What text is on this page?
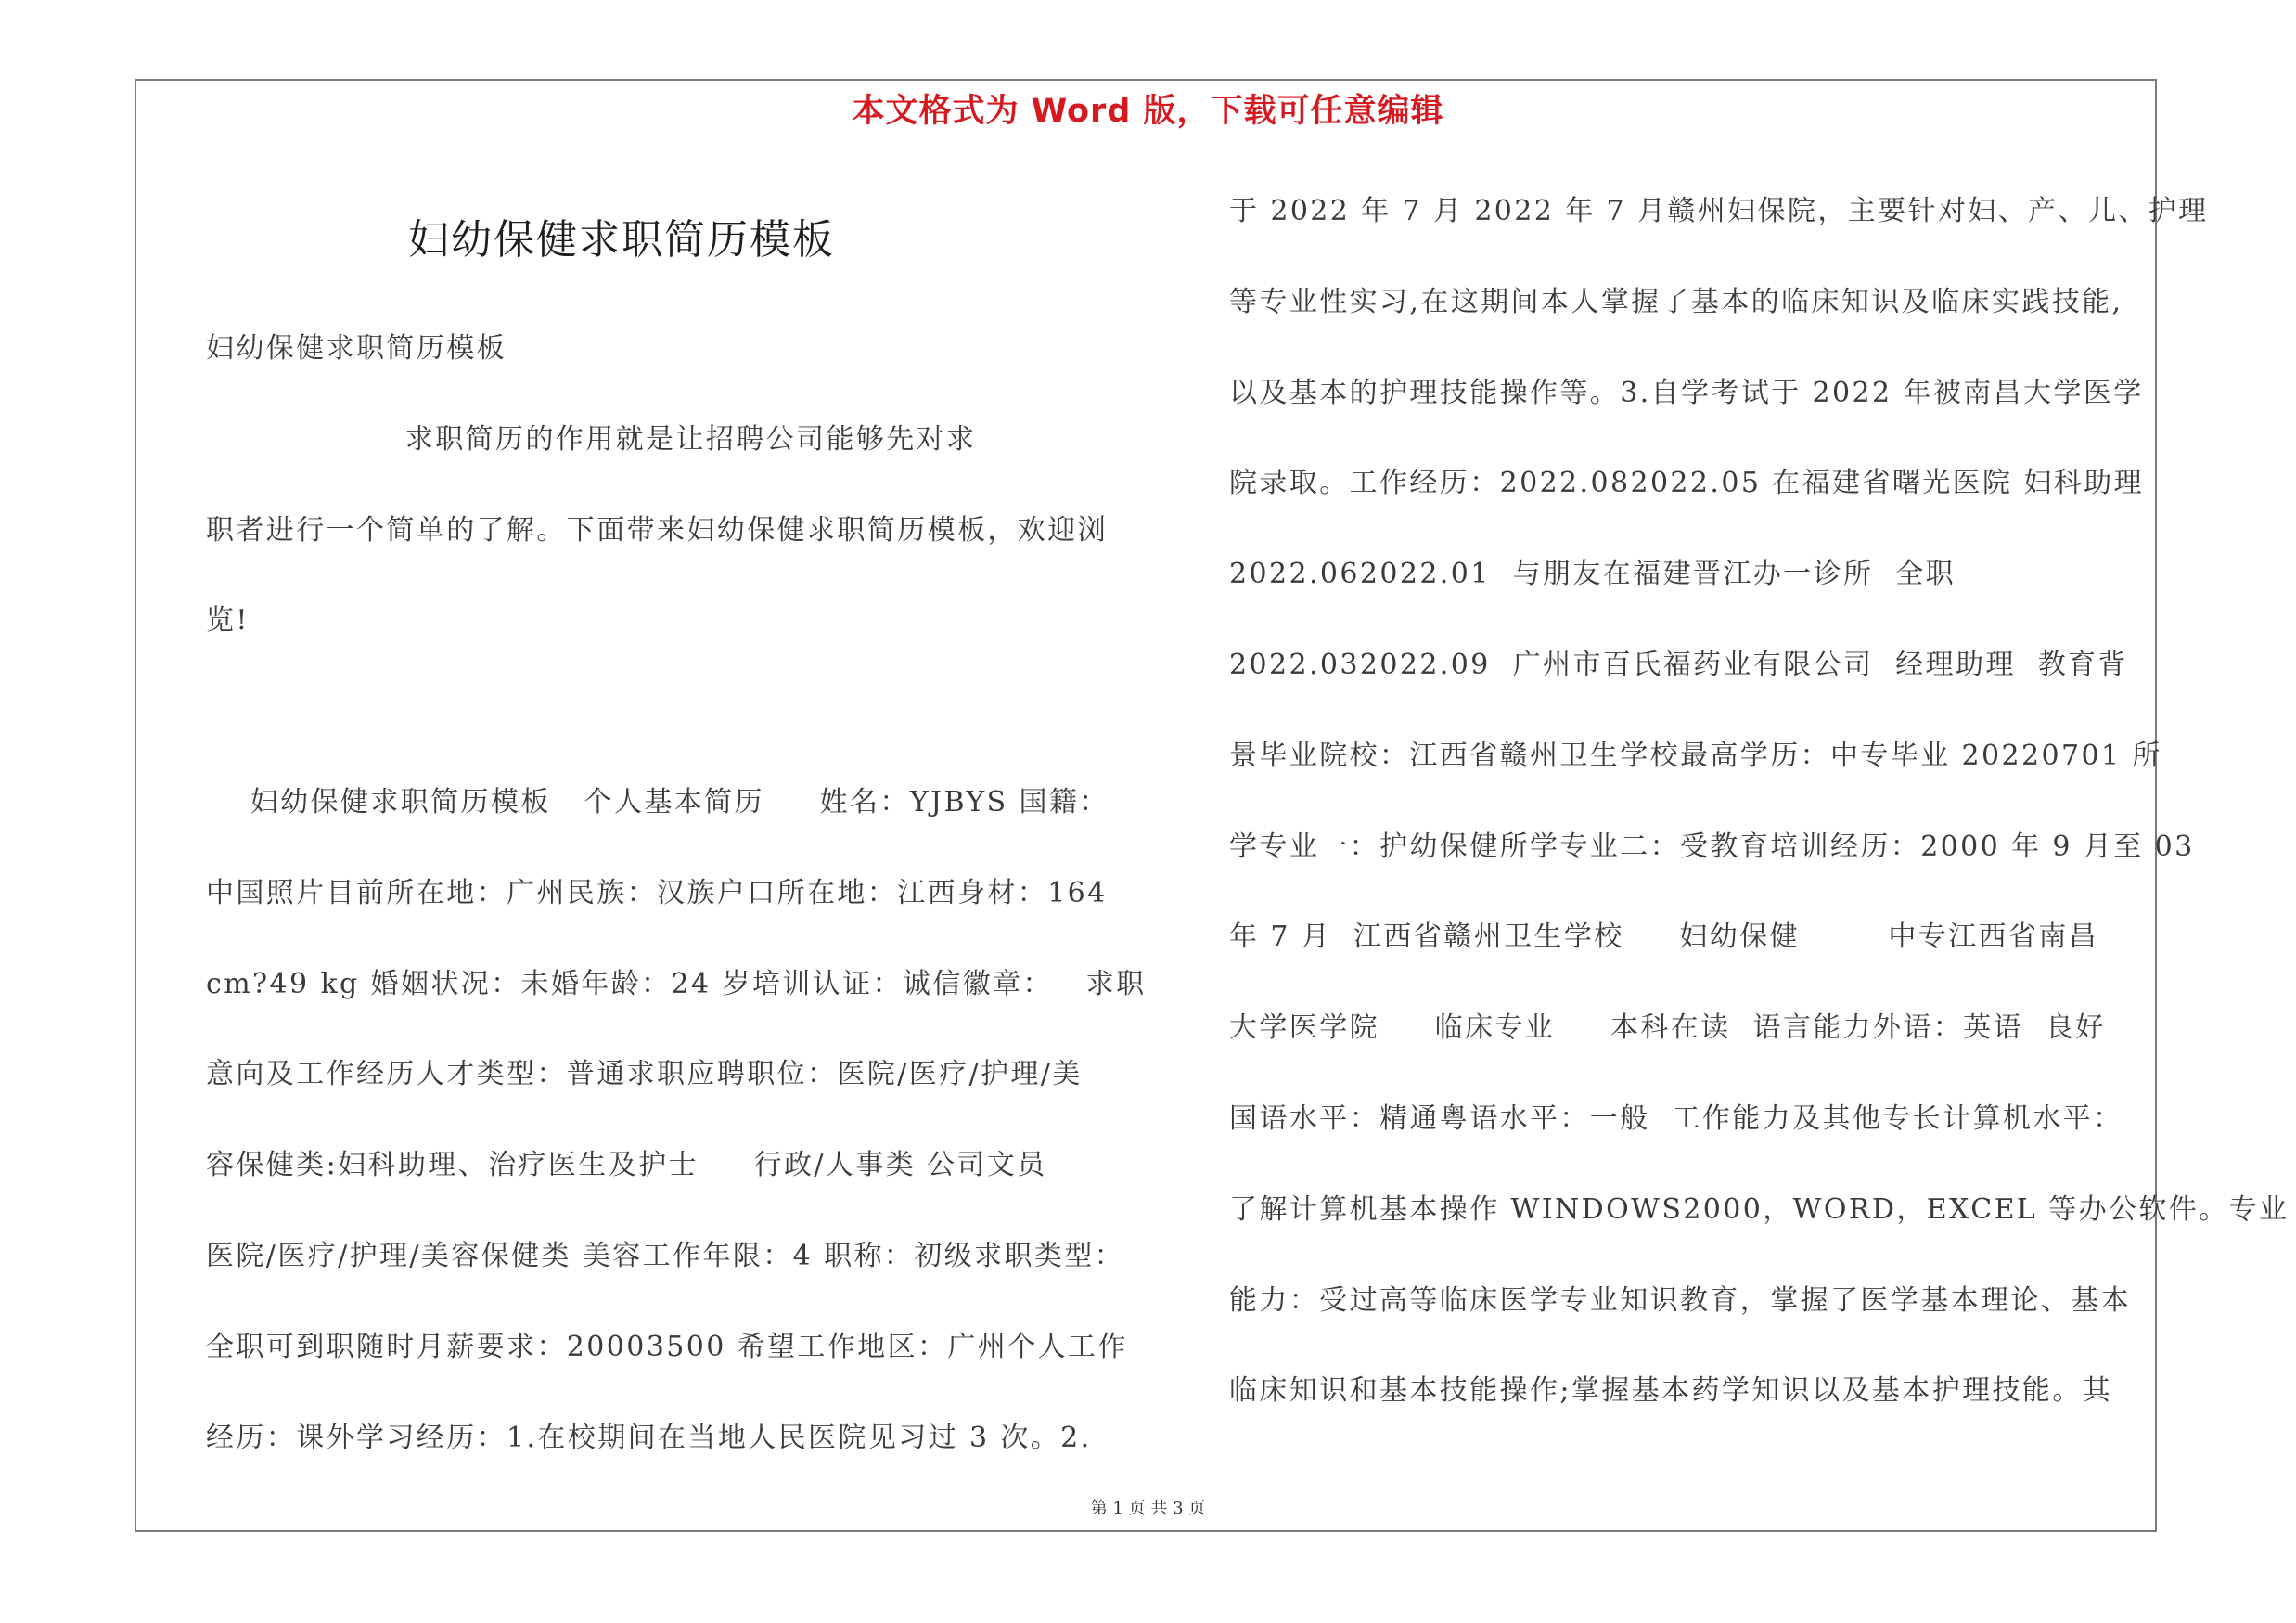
本文格式为 Word 版，下载可任意编辑
妇幼保健求职简历模板
妇幼保健求职简历模板
求职简历的作用就是让招聘公司能够先对求
职者进行一个简单的了解。下面带来妇幼保健求职简历模板，欢迎浏
览!

妇幼保健求职简历模板   个人基本简历     姓名：YJBYS 国籍：
中国照片目前所在地：广州民族：汉族户口所在地：江西身材：164
cm?49 kg 婚姻状况：未婚年龄：24 岁培训认证：诚信徽章：   求职
意向及工作经历人才类型：普通求职应聘职位：医院/医疗/护理/美
容保健类:妇科助理、治疗医生及护士     行政/人事类 公司文员
医院/医疗/护理/美容保健类 美容工作年限：4 职称：初级求职类型：
全职可到职随时月薪要求：20003500 希望工作地区：广州个人工作
经历：课外学习经历：1.在校期间在当地人民医院见习过 3 次。2.
于 2022 年 7 月 2022 年 7 月赣州妇保院，主要针对妇、产、儿、护理
等专业性实习,在这期间本人掌握了基本的临床知识及临床实践技能,
以及基本的护理技能操作等。3.自学考试于 2022 年被南昌大学医学
院录取。工作经历：2022.082022.05 在福建省曙光医院 妇科助理
2022.062022.01  与朋友在福建晋江办一诊所  全职
2022.032022.09  广州市百氏福药业有限公司  经理助理  教育背
景毕业院校：江西省赣州卫生学校最高学历：中专毕业 20220701 所
学专业一：护幼保健所学专业二：受教育培训经历：2000 年 9 月至 03
年 7 月  江西省赣州卫生学校     妇幼保健        中专江西省南昌
大学医学院     临床专业     本科在读  语言能力外语：英语  良好
国语水平：精通粤语水平：一般  工作能力及其他专长计算机水平：
了解计算机基本操作 WINDOWS2000，WORD，EXCEL 等办公软件。专业
能力：受过高等临床医学专业知识教育，掌握了医学基本理论、基本
临床知识和基本技能操作;掌握基本药学知识以及基本护理技能。其
第 1 页 共 3 页
